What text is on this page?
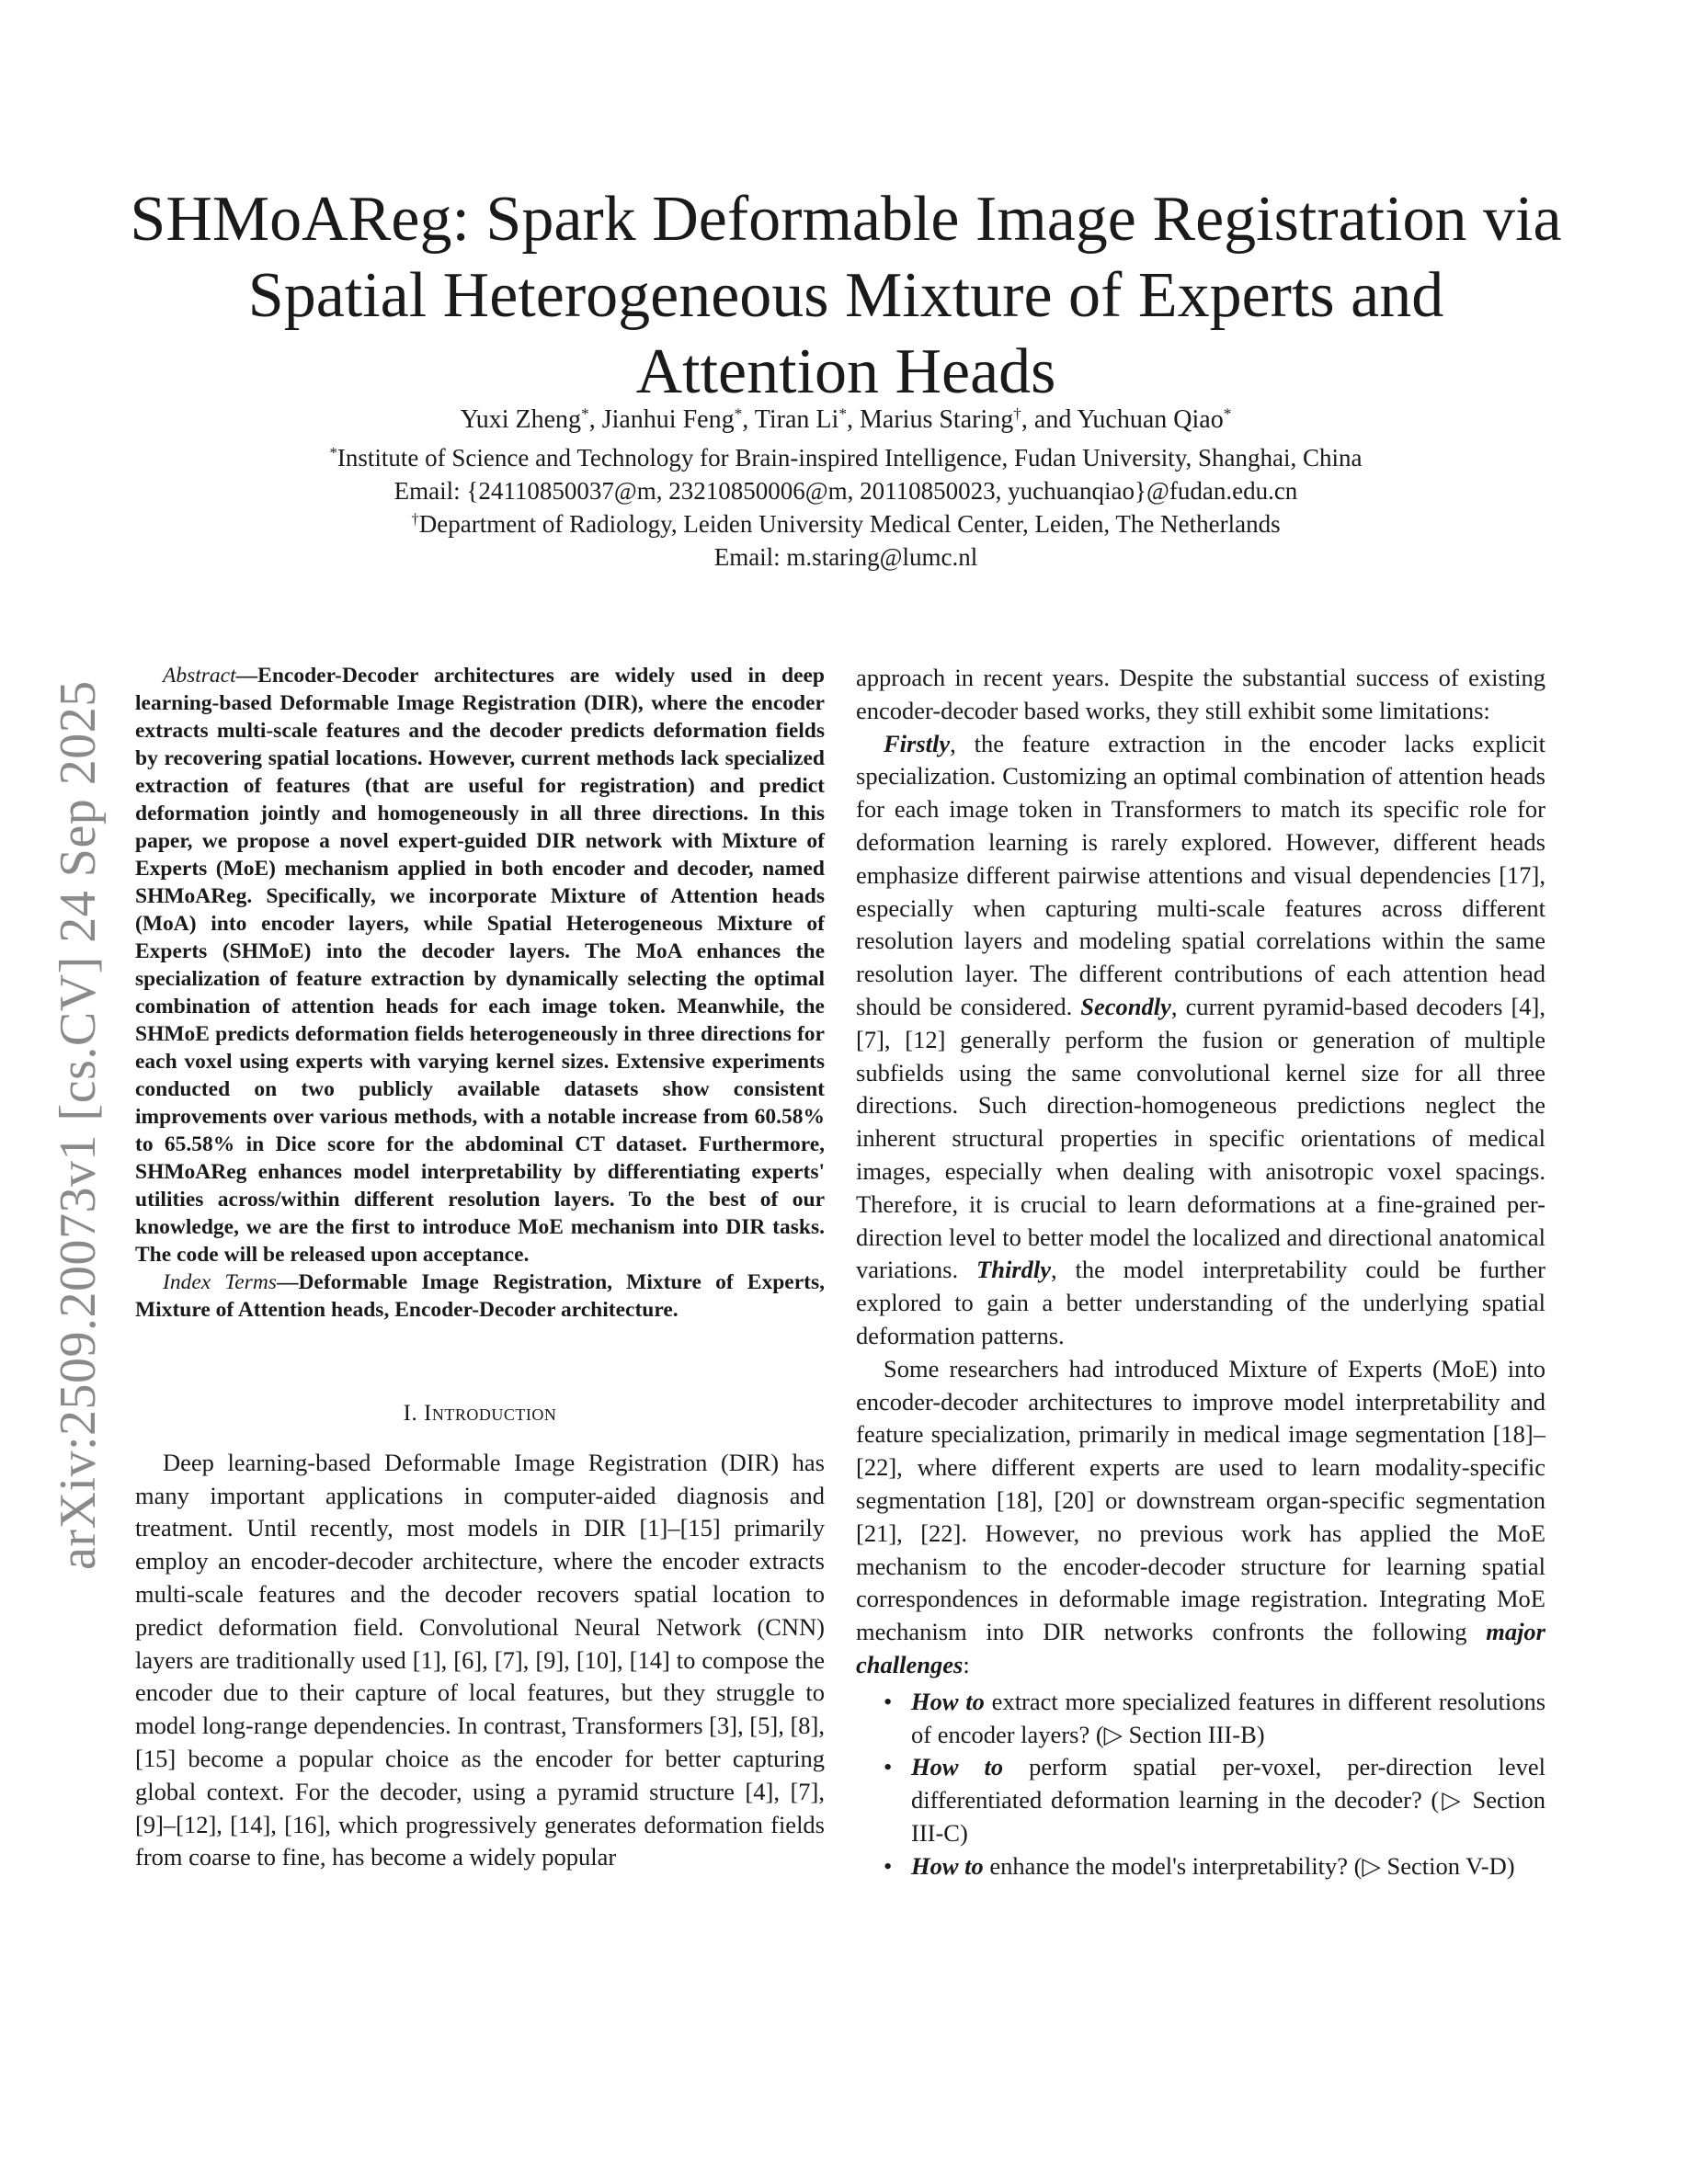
arXiv:2509.20073v1 [cs.CV] 24 Sep 2025
SHMoAReg: Spark Deformable Image Registration via Spatial Heterogeneous Mixture of Experts and Attention Heads
Yuxi Zheng*, Jianhui Feng*, Tiran Li*, Marius Staring†, and Yuchuan Qiao*
*Institute of Science and Technology for Brain-inspired Intelligence, Fudan University, Shanghai, China
Email: {24110850037@m, 23210850006@m, 20110850023, yuchuanqiao}@fudan.edu.cn
†Department of Radiology, Leiden University Medical Center, Leiden, The Netherlands
Email: m.staring@lumc.nl

Abstract—Encoder-Decoder architectures are widely used in deep learning-based Deformable Image Registration (DIR), where the encoder extracts multi-scale features and the decoder predicts deformation fields by recovering spatial locations. However, current methods lack specialized extraction of features (that are useful for registration) and predict deformation jointly and homogeneously in all three directions. In this paper, we propose a novel expert-guided DIR network with Mixture of Experts (MoE) mechanism applied in both encoder and decoder, named SHMoAReg. Specifically, we incorporate Mixture of Attention heads (MoA) into encoder layers, while Spatial Heterogeneous Mixture of Experts (SHMoE) into the decoder layers. The MoA enhances the specialization of feature extraction by dynamically selecting the optimal combination of attention heads for each image token. Meanwhile, the SHMoE predicts deformation fields heterogeneously in three directions for each voxel using experts with varying kernel sizes. Extensive experiments conducted on two publicly available datasets show consistent improvements over various methods, with a notable increase from 60.58% to 65.58% in Dice score for the abdominal CT dataset. Furthermore, SHMoAReg enhances model interpretability by differentiating experts' utilities across/within different resolution layers. To the best of our knowledge, we are the first to introduce MoE mechanism into DIR tasks. The code will be released upon acceptance.

Index Terms—Deformable Image Registration, Mixture of Experts, Mixture of Attention heads, Encoder-Decoder architecture.

I. Introduction

Deep learning-based Deformable Image Registration (DIR) has many important applications in computer-aided diagnosis and treatment. Until recently, most models in DIR [1]–[15] primarily employ an encoder-decoder architecture, where the encoder extracts multi-scale features and the decoder recovers spatial location to predict deformation field. Convolutional Neural Network (CNN) layers are traditionally used [1], [6], [7], [9], [10], [14] to compose the encoder due to their capture of local features, but they struggle to model long-range dependencies. In contrast, Transformers [3], [5], [8], [15] become a popular choice as the encoder for better capturing global context. For the decoder, using a pyramid structure [4], [7], [9]–[12], [14], [16], which progressively generates deformation fields from coarse to fine, has become a widely popular

approach in recent years. Despite the substantial success of existing encoder-decoder based works, they still exhibit some limitations:

Firstly, the feature extraction in the encoder lacks explicit specialization. Customizing an optimal combination of attention heads for each image token in Transformers to match its specific role for deformation learning is rarely explored. However, different heads emphasize different pairwise attentions and visual dependencies [17], especially when capturing multi-scale features across different resolution layers and modeling spatial correlations within the same resolution layer. The different contributions of each attention head should be considered. Secondly, current pyramid-based decoders [4], [7], [12] generally perform the fusion or generation of multiple subfields using the same convolutional kernel size for all three directions. Such direction-homogeneous predictions neglect the inherent structural properties in specific orientations of medical images, especially when dealing with anisotropic voxel spacings. Therefore, it is crucial to learn deformations at a fine-grained per-direction level to better model the localized and directional anatomical variations. Thirdly, the model interpretability could be further explored to gain a better understanding of the underlying spatial deformation patterns.

Some researchers had introduced Mixture of Experts (MoE) into encoder-decoder architectures to improve model interpretability and feature specialization, primarily in medical image segmentation [18]–[22], where different experts are used to learn modality-specific segmentation [18], [20] or downstream organ-specific segmentation [21], [22]. However, no previous work has applied the MoE mechanism to the encoder-decoder structure for learning spatial correspondences in deformable image registration. Integrating MoE mechanism into DIR networks confronts the following major challenges:

• How to extract more specialized features in different resolutions of encoder layers? (▷ Section III-B)
• How to perform spatial per-voxel, per-direction level differentiated deformation learning in the decoder? (▷ Section III-C)
• How to enhance the model's interpretability? (▷ Section V-D)
